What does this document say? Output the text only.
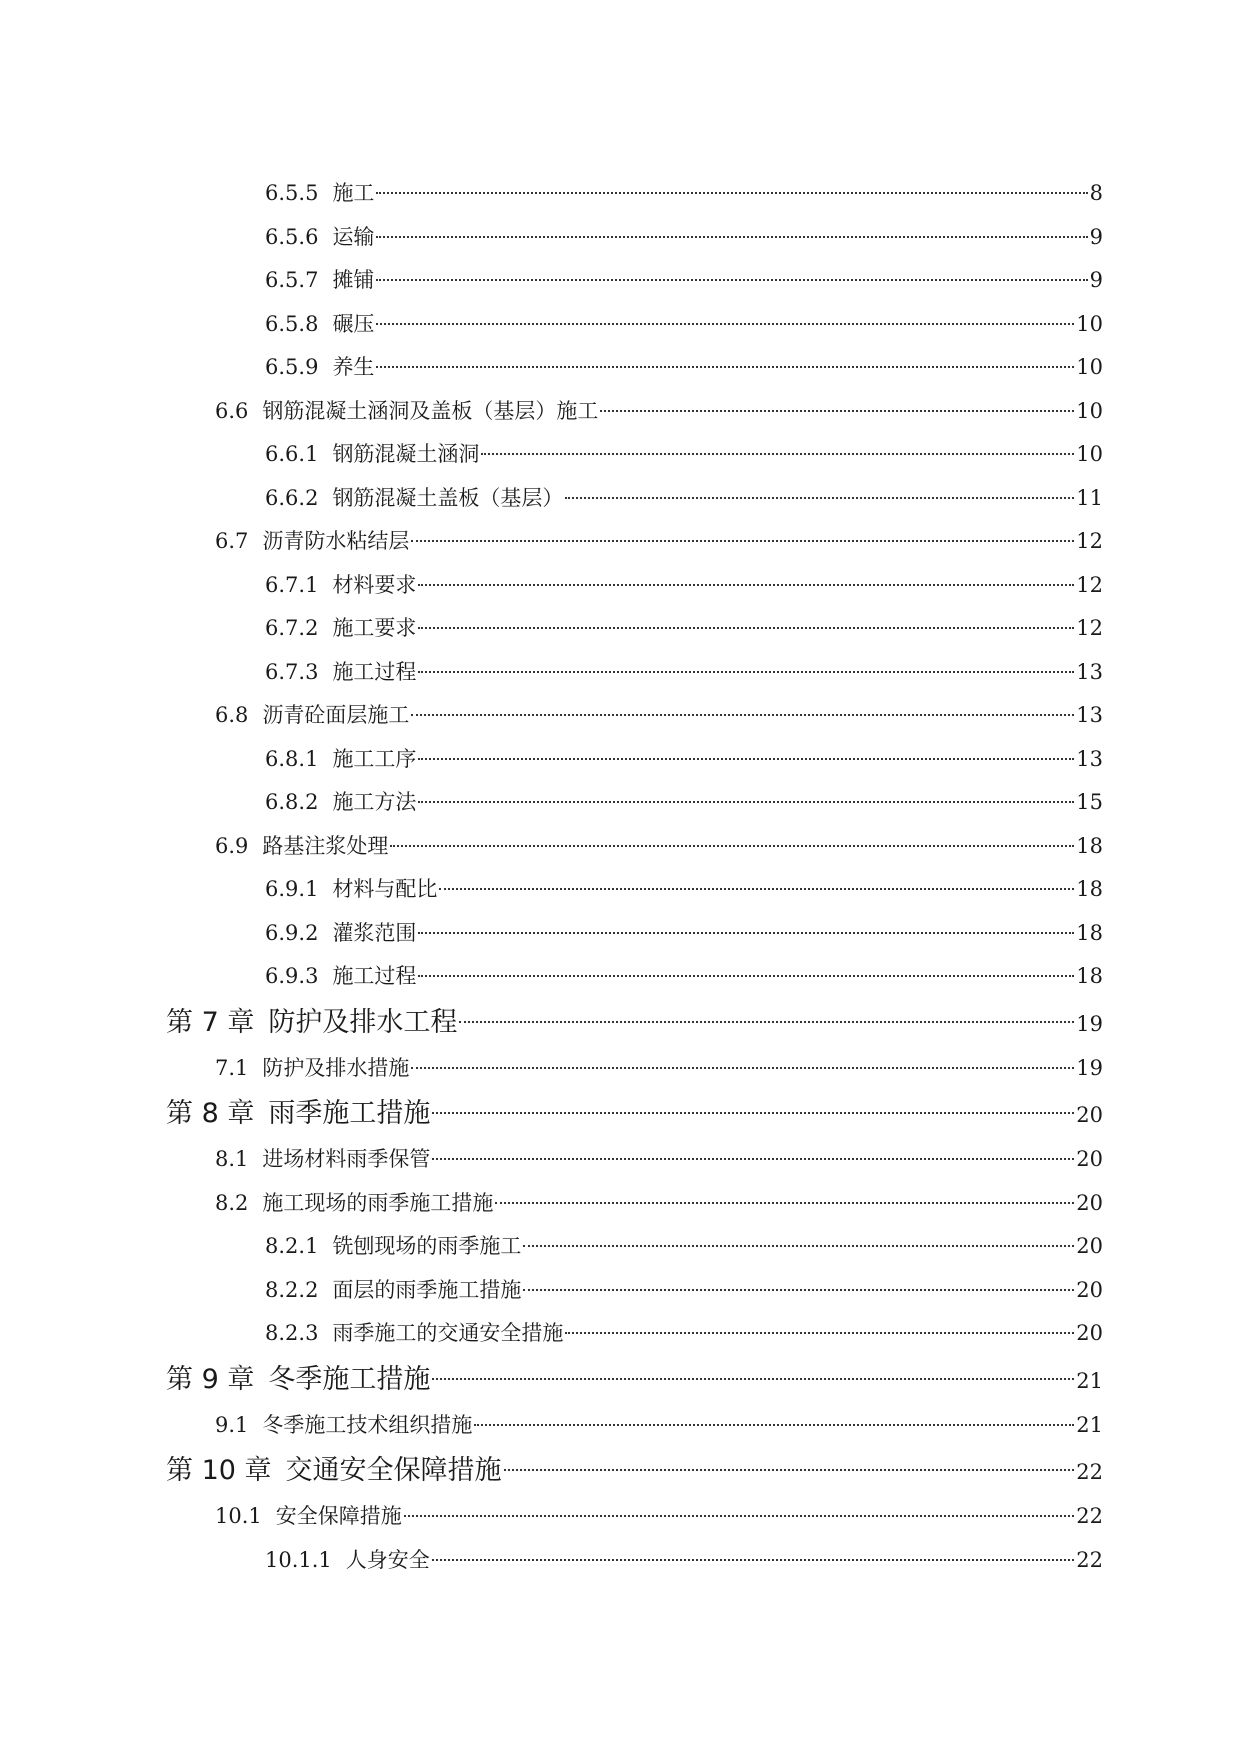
6.5.5 施工	8
6.5.6 运输	9
6.5.7 摊铺	9
6.5.8 碾压	10
6.5.9 养生	10
6.6 钢筋混凝土涵洞及盖板（基层）施工	10
6.6.1 钢筋混凝土涵洞	10
6.6.2 钢筋混凝土盖板（基层）	11
6.7 沥青防水粘结层	12
6.7.1 材料要求	12
6.7.2 施工要求	12
6.7.3 施工过程	13
6.8 沥青砼面层施工	13
6.8.1 施工工序	13
6.8.2 施工方法	15
6.9 路基注浆处理	18
6.9.1 材料与配比	18
6.9.2 灌浆范围	18
6.9.3 施工过程	18
第 7 章 防护及排水工程	19
7.1 防护及排水措施	19
第 8 章 雨季施工措施	20
8.1 进场材料雨季保管	20
8.2 施工现场的雨季施工措施	20
8.2.1 铣刨现场的雨季施工	20
8.2.2 面层的雨季施工措施	20
8.2.3 雨季施工的交通安全措施	20
第 9 章 冬季施工措施	21
9.1 冬季施工技术组织措施	21
第 10 章 交通安全保障措施	22
10.1 安全保障措施	22
10.1.1 人身安全	22
